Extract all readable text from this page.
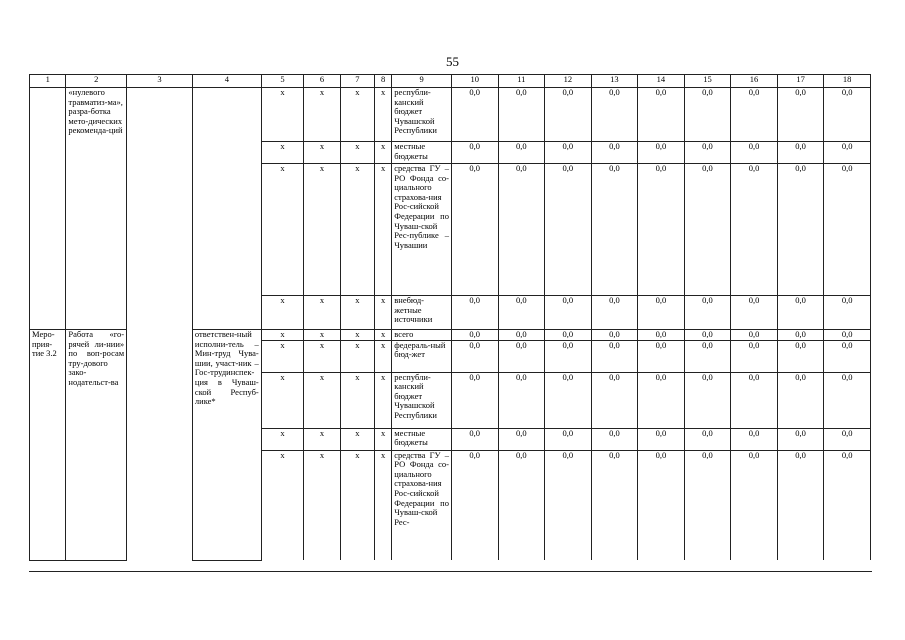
55
1	2	3	4	5	6	7	8	9	10	11	12	13	14	15	16	17	18
	«нулевого травматиз-ма», разра-ботка мето-дических рекоменда-ций			x	x	x	x	республи-канский бюджет Чувашской Республики	0,0	0,0	0,0	0,0	0,0	0,0	0,0	0,0	0,0
				x	x	x	x	местные бюджеты	0,0	0,0	0,0	0,0	0,0	0,0	0,0	0,0	0,0
				x	x	x	x	средства ГУ – РО Фонда со-циального страхова-ния Рос-сийской Федерации по Чуваш-ской Рес-публике – Чувашии	0,0	0,0	0,0	0,0	0,0	0,0	0,0	0,0	0,0
				x	x	x	x	внебюд-жетные источники	0,0	0,0	0,0	0,0	0,0	0,0	0,0	0,0	0,0
Меро-прия-тие 3.2	Работа «го-рячей ли-нии» по воп-росам тру-дового зако-нодательст-ва		ответствен-ный исполни-тель – Мин-труд Чува-шии, участ-ник – Гос-трудинспек-ция в Чуваш-ской Респуб-лике*	x	x	x	x	всего	0,0	0,0	0,0	0,0	0,0	0,0	0,0	0,0	0,0
				x	x	x	x	федераль-ный бюд-жет	0,0	0,0	0,0	0,0	0,0	0,0	0,0	0,0	0,0
				x	x	x	x	республи-канский бюджет Чувашской Республики	0,0	0,0	0,0	0,0	0,0	0,0	0,0	0,0	0,0
				x	x	x	x	местные бюджеты	0,0	0,0	0,0	0,0	0,0	0,0	0,0	0,0	0,0
				x	x	x	x	средства ГУ – РО Фонда со-циального страхова-ния Рос-сийской Федерации по Чуваш-ской Рес-	0,0	0,0	0,0	0,0	0,0	0,0	0,0	0,0	0,0
